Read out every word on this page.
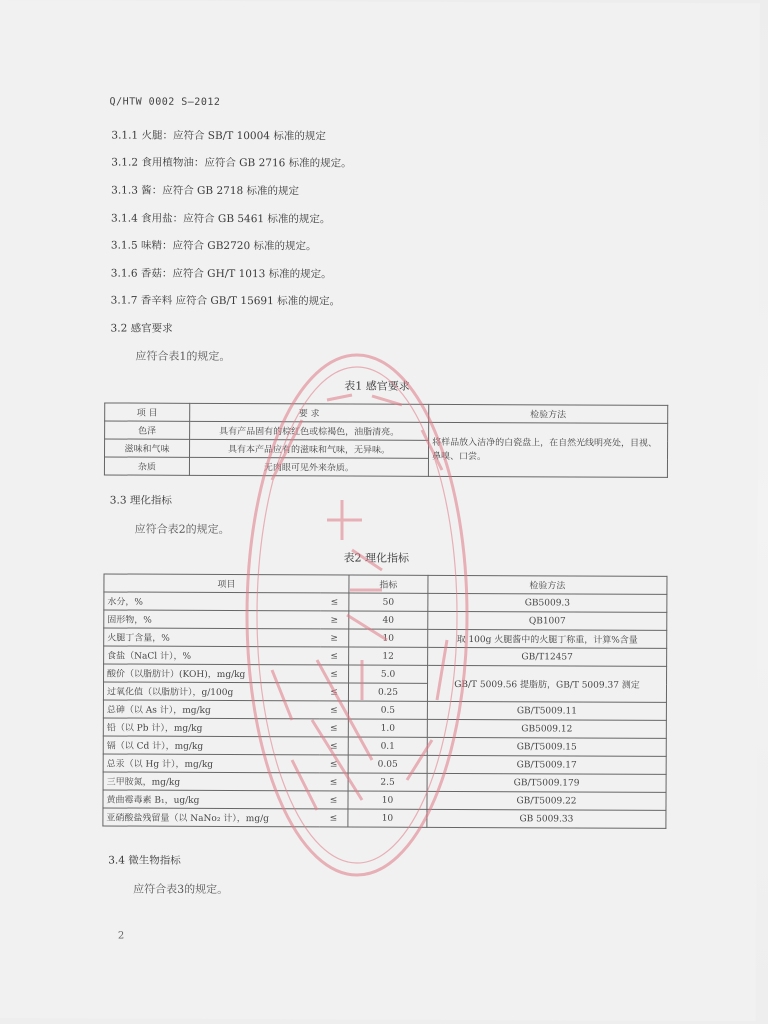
Q/HTW 0002 S—2012
3.1.1 火腿：应符合 SB/T 10004 标准的规定
3.1.2 食用植物油：应符合 GB 2716 标准的规定。
3.1.3 酱：应符合 GB 2718 标准的规定
3.1.4 食用盐：应符合 GB 5461 标准的规定。
3.1.5 味精：应符合 GB2720 标准的规定。
3.1.6 香菇：应符合 GH/T 1013 标准的规定。
3.1.7 香辛料 应符合 GB/T 15691 标准的规定。
3.2 感官要求
应符合表1的规定。
表1 感官要求
项 目	要 求	检验方法
色泽	具有产品固有的棕红色或棕褐色，油脂清亮。	将样品放入洁净的白瓷盘上，在自然光线明亮处，目视、鼻嗅、口尝。
滋味和气味	具有本产品应有的滋味和气味，无异味。	
杂质	无肉眼可见外来杂质。	
3.3 理化指标
应符合表2的规定。
表2 理化指标
项目		指标	检验方法
水分，%	≤	50	GB5009.3
固形物，%	≥	40	QB1007
火腿丁含量，%	≥	10	取 100g 火腿酱中的火腿丁称重，计算%含量
食盐（NaCl 计），%	≤	12	GB/T12457
酸价（以脂肪计）(KOH)，mg/kg	≤	5.0	GB/T 5009.56 提脂肪，GB/T 5009.37 测定
过氧化值（以脂肪计），g/100g	≤	0.25	
总砷（以 As 计），mg/kg	≤	0.5	GB/T5009.11
铅（以 Pb 计），mg/kg	≤	1.0	GB5009.12
镉（以 Cd 计），mg/kg	≤	0.1	GB/T5009.15
总汞（以 Hg 计），mg/kg	≤	0.05	GB/T5009.17
三甲胺氮，mg/kg	≤	2.5	GB/T5009.179
黄曲霉毒素 B₁，ug/kg	≤	10	GB/T5009.22
亚硝酸盐残留量（以 NaNo₂ 计），mg/g	≤	10	GB 5009.33
3.4 微生物指标
应符合表3的规定。
2
